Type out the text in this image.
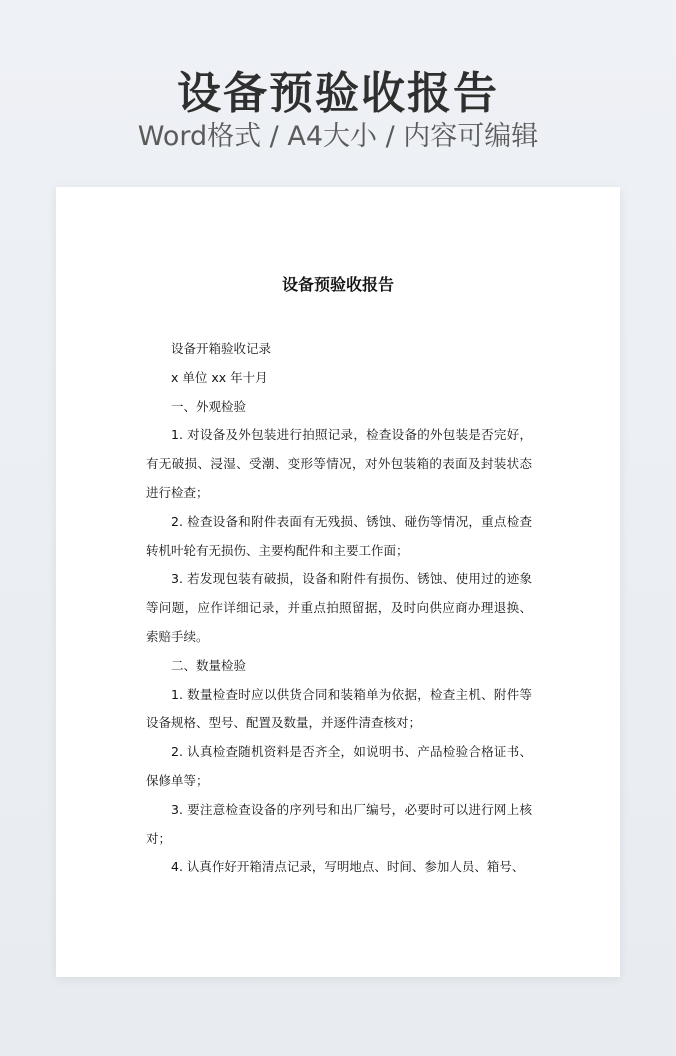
设备预验收报告
Word格式 / A4大小 / 内容可编辑
设备预验收报告

设备开箱验收记录

x 单位 xx 年十月

一、外观检验

1. 对设备及外包装进行拍照记录，检查设备的外包装是否完好，有无破损、浸湿、受潮、变形等情况，对外包装箱的表面及封装状态进行检查；

2. 检查设备和附件表面有无残损、锈蚀、碰伤等情况，重点检查转机叶轮有无损伤、主要构配件和主要工作面；

3. 若发现包装有破损，设备和附件有损伤、锈蚀、使用过的迹象等问题，应作详细记录，并重点拍照留据，及时向供应商办理退换、索赔手续。

二、数量检验

1. 数量检查时应以供货合同和装箱单为依据，检查主机、附件等设备规格、型号、配置及数量，并逐件清查核对；

2. 认真检查随机资料是否齐全，如说明书、产品检验合格证书、保修单等；

3. 要注意检查设备的序列号和出厂编号，必要时可以进行网上核对；

4. 认真作好开箱清点记录，写明地点、时间、参加人员、箱号、
